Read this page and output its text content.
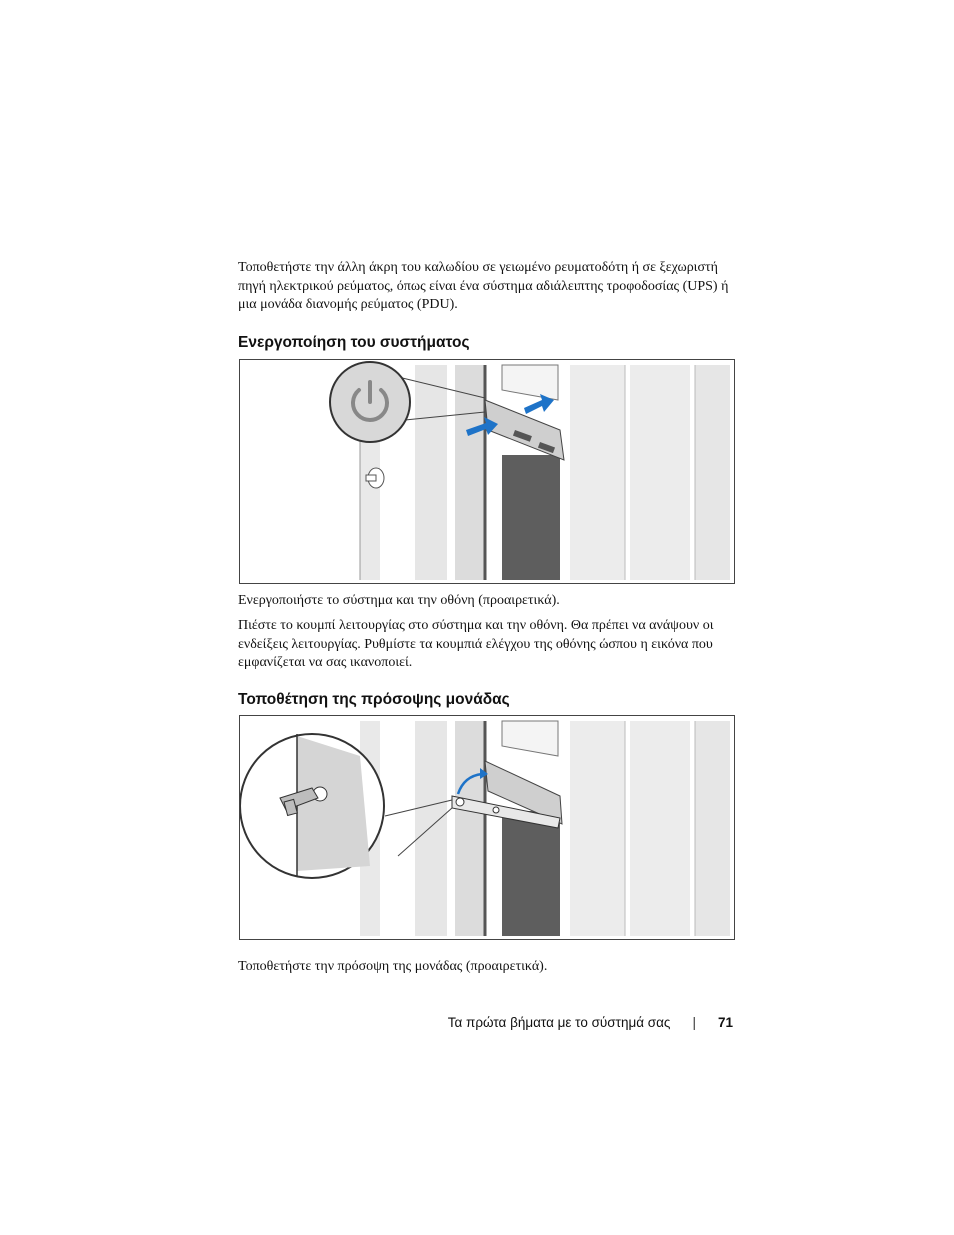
Τοποθετήστε την άλλη άκρη του καλωδίου σε γειωμένο ρευματοδότη ή σε ξεχωριστή πηγή ηλεκτρικού ρεύματος, όπως είναι ένα σύστημα αδιάλειπτης τροφοδοσίας (UPS) ή μια μονάδα διανομής ρεύματος (PDU).

Ενεργοποίηση του συστήματος

Ενεργοποιήστε το σύστημα και την οθόνη (προαιρετικά).

Πιέστε το κουμπί λειτουργίας στο σύστημα και την οθόνη. Θα πρέπει να ανάψουν οι ενδείξεις λειτουργίας. Ρυθμίστε τα κουμπιά ελέγχου της οθόνης ώσπου η εικόνα που εμφανίζεται να σας ικανοποιεί.

Τοποθέτηση της πρόσοψης μονάδας

Τοποθετήστε την πρόσοψη της μονάδας (προαιρετικά).

Τα πρώτα βήματα με το σύστημά σας | 71
